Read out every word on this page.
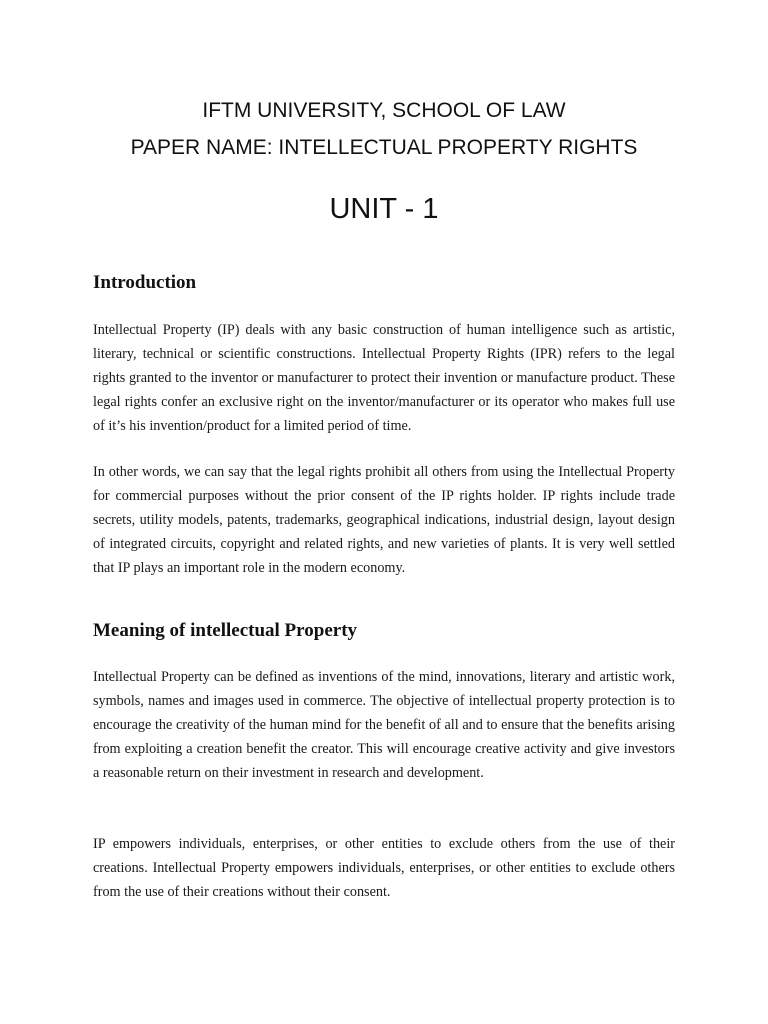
IFTM UNIVERSITY, SCHOOL OF LAW

PAPER NAME: INTELLECTUAL PROPERTY RIGHTS

UNIT - 1
Introduction

Intellectual Property (IP) deals with any basic construction of human intelligence such as artistic, literary, technical or scientific constructions. Intellectual Property Rights (IPR) refers to the legal rights granted to the inventor or manufacturer to protect their invention or manufacture product. These legal rights confer an exclusive right on the inventor/manufacturer or its operator who makes full use of it’s his invention/product for a limited period of time.

In other words, we can say that the legal rights prohibit all others from using the Intellectual Property for commercial purposes without the prior consent of the IP rights holder. IP rights include trade secrets, utility models, patents, trademarks, geographical indications, industrial design, layout design of integrated circuits, copyright and related rights, and new varieties of plants. It is very well settled that IP plays an important role in the modern economy.

Meaning of intellectual Property

Intellectual Property can be defined as inventions of the mind, innovations, literary and artistic work, symbols, names and images used in commerce. The objective of intellectual property protection is to encourage the creativity of the human mind for the benefit of all and to ensure that the benefits arising from exploiting a creation benefit the creator. This will encourage creative activity and give investors a reasonable return on their investment in research and development.

IP empowers individuals, enterprises, or other entities to exclude others from the use of their creations. Intellectual Property empowers individuals, enterprises, or other entities to exclude others from the use of their creations without their consent.
